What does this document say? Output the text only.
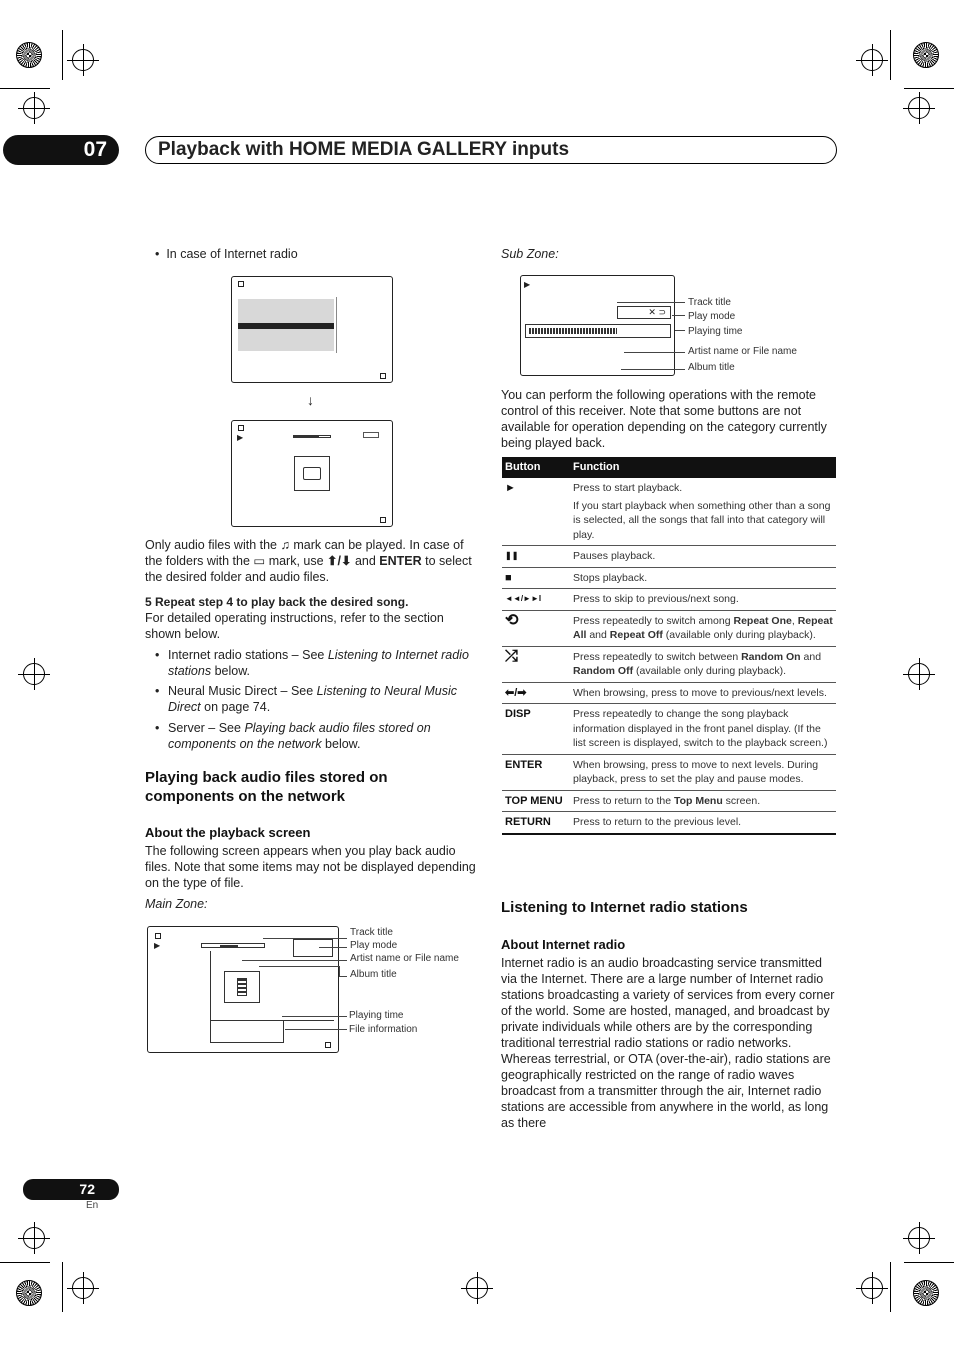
07	Playback with HOME MEDIA GALLERY inputs
•  In case of Internet radio
↓
▶
Only audio files with the ♫ mark can be played. In case of the folders with the ▭ mark, use ⬆/⬇ and ENTER to select the desired folder and audio files.
5 Repeat step 4 to play back the desired song.
For detailed operating instructions, refer to the section shown below.
• Internet radio stations – See Listening to Internet radio stations below.
• Neural Music Direct – See Listening to Neural Music Direct on page 74.
• Server – See Playing back audio files stored on components on the network below.
Playing back audio files stored on components on the network
About the playback screen
The following screen appears when you play back audio files. Note that some items may not be displayed depending on the type of file.
Main Zone:
▶
Track title
Play mode
Artist name or File name
Album title
Playing time
File information
Sub Zone:
▶
✕ ⊃
Track title
Play mode
Playing time
Artist name or File name
Album title
You can perform the following operations with the remote control of this receiver. Note that some buttons are not available for operation depending on the category currently being played back.
Button	Function
►	Press to start playback.
If you start playback when something other than a song is selected, all the songs that fall into that category will play.

❚❚	Pauses playback.
■	Stops playback.
◄◄/►►I	Press to skip to previous/next song.
⟲	Press repeatedly to switch among Repeat One, Repeat All and Repeat Off (available only during playback).
⤮	Press repeatedly to switch between Random On and Random Off (available only during playback).
⬅/➡	When browsing, press to move to previous/next levels.
DISP	Press repeatedly to change the song playback information displayed in the front panel display. (If the list screen is displayed, switch to the playback screen.)
ENTER	When browsing, press to move to next levels. During playback, press to set the play and pause modes.
TOP MENU	Press to return to the Top Menu screen.
RETURN	Press to return to the previous level.
Listening to Internet radio stations
About Internet radio
Internet radio is an audio broadcasting service transmitted via the Internet. There are a large number of Internet radio stations broadcasting a variety of services from every corner of the world. Some are hosted, managed, and broadcast by private individuals while others are by the corresponding traditional terrestrial radio stations or radio networks. Whereas terrestrial, or OTA (over-the-air), radio stations are geographically restricted on the range of radio waves broadcast from a transmitter through the air, Internet radio stations are accessible from anywhere in the world, as long as there
72
En
